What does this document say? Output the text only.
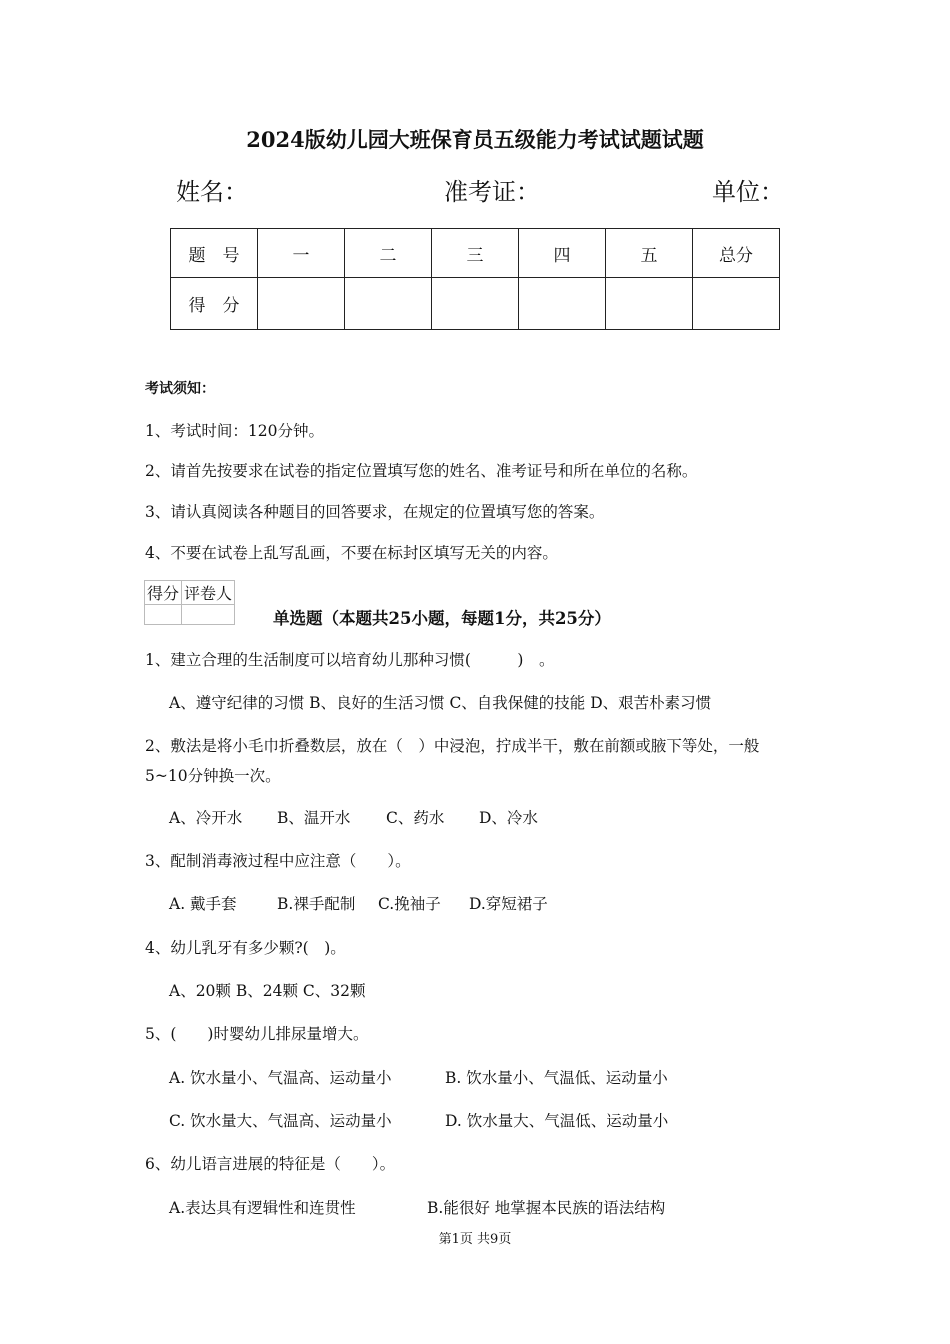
2024版幼儿园大班保育员五级能力考试试题试题
姓名：	准考证：	单位：
题　号	一	二	三	四	五	总分
得　分						
考试须知：
1、考试时间：120分钟。
2、请首先按要求在试卷的指定位置填写您的姓名、准考证号和所在单位的名称。
3、请认真阅读各种题目的回答要求，在规定的位置填写您的答案。
4、不要在试卷上乱写乱画，不要在标封区填写无关的内容。
得分	评卷人

单选题（本题共25小题，每题1分，共25分）
1、建立合理的生活制度可以培育幼儿那种习惯(　　　)　。
A、遵守纪律的习惯 B、良好的生活习惯 C、自我保健的技能 D、艰苦朴素习惯
2、敷法是将小毛巾折叠数层，放在（　）中浸泡，拧成半干，敷在前额或腋下等处，一般
5~10分钟换一次。
A、冷开水 B、温开水 C、药水 D、冷水
3、配制消毒液过程中应注意（　　）。
A. 戴手套	B.裸手配制 C.挽袖子 D.穿短裙子
4、幼儿乳牙有多少颗?(　)。
A、20颗 B、24颗 C、32颗
5、(　　)时婴幼儿排尿量增大。
A. 饮水量小、气温高、运动量小	B. 饮水量小、气温低、运动量小
C. 饮水量大、气温高、运动量小	D. 饮水量大、气温低、运动量小
6、幼儿语言进展的特征是（　　）。
A.表达具有逻辑性和连贯性	B.能很好 地掌握本民族的语法结构
第1页 共9页
